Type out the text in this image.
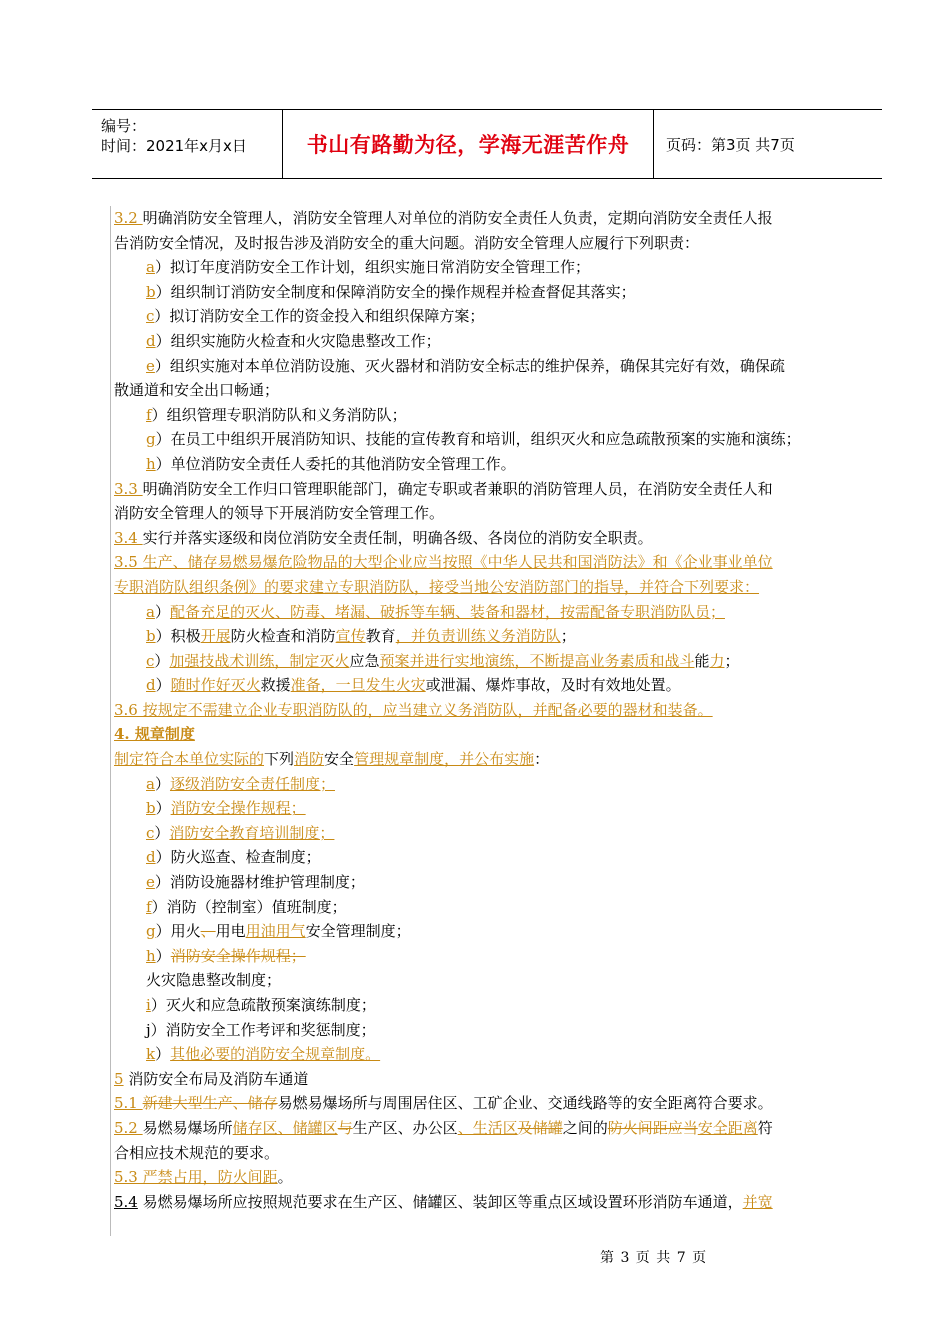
编号：
时间：2021年x月x日	书山有路勤为径，学海无涯苦作舟	页码：第3页 共7页
3.2 明确消防安全管理人，消防安全管理人对单位的消防安全责任人负责，定期向消防安全责任人报
告消防安全情况，及时报告涉及消防安全的重大问题。消防安全管理人应履行下列职责：
a）拟订年度消防安全工作计划，组织实施日常消防安全管理工作；
b）组织制订消防安全制度和保障消防安全的操作规程并检查督促其落实；
c）拟订消防安全工作的资金投入和组织保障方案；
d）组织实施防火检查和火灾隐患整改工作；
e）组织实施对本单位消防设施、灭火器材和消防安全标志的维护保养，确保其完好有效，确保疏
散通道和安全出口畅通；
f）组织管理专职消防队和义务消防队；
g）在员工中组织开展消防知识、技能的宣传教育和培训，组织灭火和应急疏散预案的实施和演练；
h）单位消防安全责任人委托的其他消防安全管理工作。
3.3 明确消防安全工作归口管理职能部门，确定专职或者兼职的消防管理人员，在消防安全责任人和
消防安全管理人的领导下开展消防安全管理工作。
3.4 实行并落实逐级和岗位消防安全责任制，明确各级、各岗位的消防安全职责。
3.5 生产、储存易燃易爆危险物品的大型企业应当按照《中华人民共和国消防法》和《企业事业单位
专职消防队组织条例》的要求建立专职消防队，接受当地公安消防部门的指导，并符合下列要求：
a）配备充足的灭火、防毒、堵漏、破拆等车辆、装备和器材，按需配备专职消防队员；
b）积极开展防火检查和消防宣传教育，并负责训练义务消防队；
c）加强技战术训练，制定灭火应急预案并进行实地演练，不断提高业务素质和战斗能力；
d）随时作好灭火救援准备，一旦发生火灾或泄漏、爆炸事故，及时有效地处置。
3.6 按规定不需建立企业专职消防队的，应当建立义务消防队，并配备必要的器材和装备。
4. 规章制度
制定符合本单位实际的下列消防安全管理规章制度，并公布实施：
a）逐级消防安全责任制度；
b）消防安全操作规程；
c）消防安全教育培训制度；
d）防火巡查、检查制度；
e）消防设施器材维护管理制度；
f）消防（控制室）值班制度；
g）用火、用电用油用气安全管理制度；
h）消防安全操作规程；
火灾隐患整改制度；
i）灭火和应急疏散预案演练制度；
j）消防安全工作考评和奖惩制度；
k）其他必要的消防安全规章制度。
5 消防安全布局及消防车通道
5.1 新建大型生产、储存易燃易爆场所与周围居住区、工矿企业、交通线路等的安全距离符合要求。
5.2 易燃易爆场所储存区、储罐区与生产区、办公区、生活区及储罐之间的防火间距应当安全距离符
合相应技术规范的要求。
5.3 严禁占用，防火间距。
5.4 易燃易爆场所应按照规范要求在生产区、储罐区、装卸区等重点区域设置环形消防车通道，并宽
第 3 页 共 7 页
